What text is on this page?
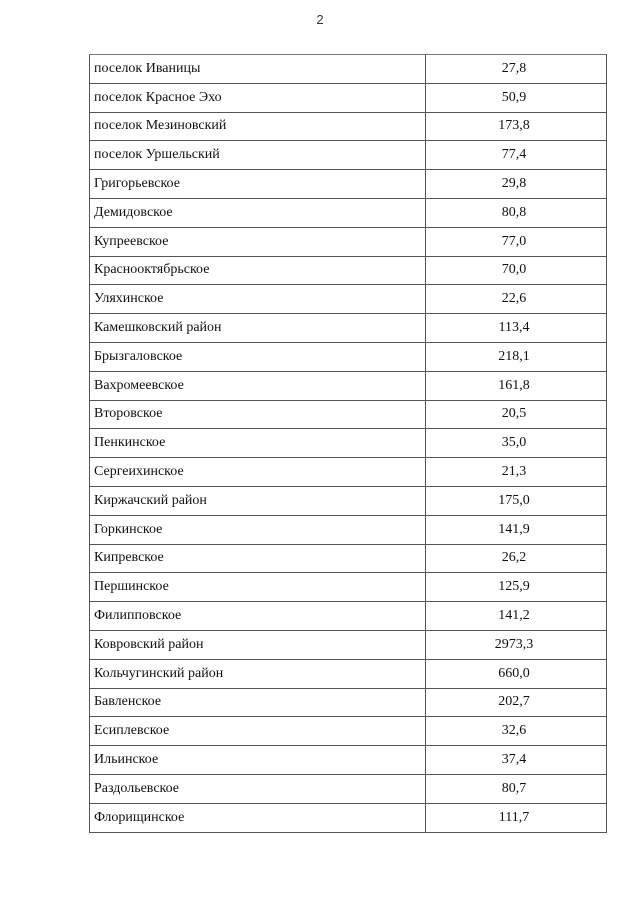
2
поселок Иваницы	27,8
поселок Красное Эхо	50,9
поселок Мезиновский	173,8
поселок Уршельский	77,4
Григорьевское	29,8
Демидовское	80,8
Купреевское	77,0
Краснооктябрьское	70,0
Уляхинское	22,6
Камешковский район	113,4
Брызгаловское	218,1
Вахромеевское	161,8
Второвское	20,5
Пенкинское	35,0
Сергеихинское	21,3
Киржачский район	175,0
Горкинское	141,9
Кипревское	26,2
Першинское	125,9
Филипповское	141,2
Ковровский район	2973,3
Кольчугинский район	660,0
Бавленское	202,7
Есиплевское	32,6
Ильинское	37,4
Раздольевское	80,7
Флорищинское	111,7
